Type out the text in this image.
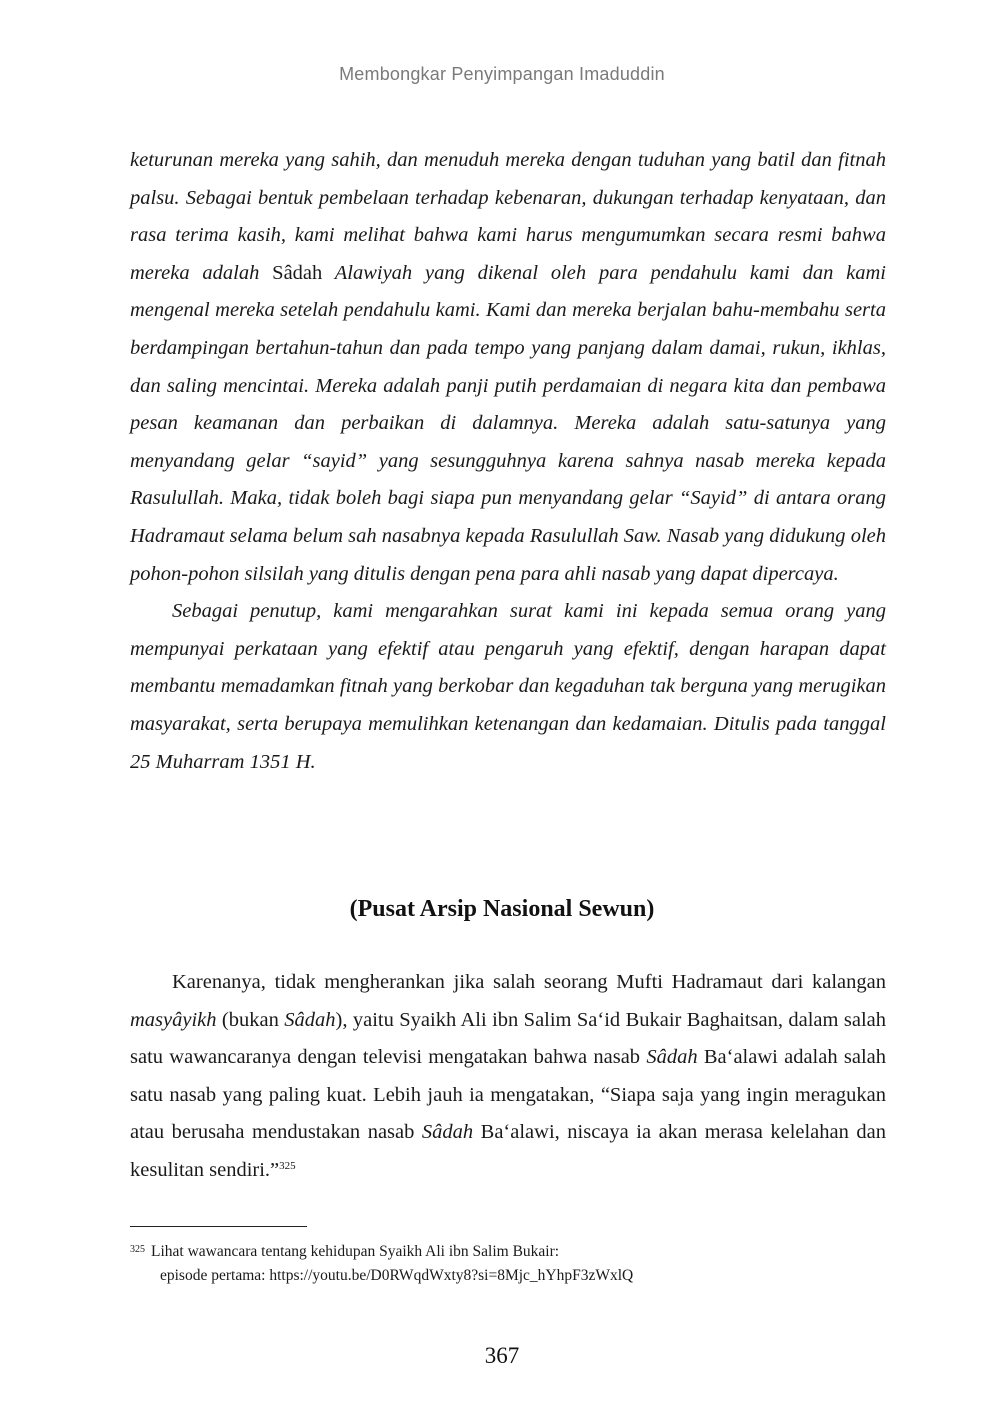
Membongkar Penyimpangan Imaduddin

keturunan mereka yang sahih, dan menuduh mereka dengan tuduhan yang batil dan fitnah palsu. Sebagai bentuk pembelaan terhadap kebenaran, dukungan terhadap kenyataan, dan rasa terima kasih, kami melihat bahwa kami harus mengumumkan secara resmi bahwa mereka adalah Sâdah Alawiyah yang dikenal oleh para pendahulu kami dan kami mengenal mereka setelah pendahulu kami. Kami dan mereka berjalan bahu-membahu serta berdampingan bertahun-tahun dan pada tempo yang panjang dalam damai, rukun, ikhlas, dan saling mencintai. Mereka adalah panji putih perdamaian di negara kita dan pembawa pesan keamanan dan perbaikan di dalamnya. Mereka adalah satu-satunya yang menyandang gelar “sayid” yang sesungguhnya karena sahnya nasab mereka kepada Rasulullah. Maka, tidak boleh bagi siapa pun menyandang gelar “Sayid” di antara orang Hadramaut selama belum sah nasabnya kepada Rasulullah Saw. Nasab yang didukung oleh pohon-pohon silsilah yang ditulis dengan pena para ahli nasab yang dapat dipercaya.

Sebagai penutup, kami mengarahkan surat kami ini kepada semua orang yang mempunyai perkataan yang efektif atau pengaruh yang efektif, dengan harapan dapat membantu memadamkan fitnah yang berkobar dan kegaduhan tak berguna yang merugikan masyarakat, serta berupaya memulihkan ketenangan dan kedamaian. Ditulis pada tanggal 25 Muharram 1351 H.

(Pusat Arsip Nasional Sewun)

Karenanya, tidak mengherankan jika salah seorang Mufti Hadramaut dari kalangan masyâyikh (bukan Sâdah), yaitu Syaikh Ali ibn Salim Sa‘id Bukair Baghaitsan, dalam salah satu wawancaranya dengan televisi mengatakan bahwa nasab Sâdah Ba‘alawi adalah salah satu nasab yang paling kuat. Lebih jauh ia mengatakan, “Siapa saja yang ingin meragukan atau berusaha mendustakan nasab Sâdah Ba‘alawi, niscaya ia akan merasa kelelahan dan kesulitan sendiri.”$^{325}$

$^{325}$ Lihat wawancara tentang kehidupan Syaikh Ali ibn Salim Bukair:
episode pertama: https://youtu.be/D0RWqdWxty8?si=8Mjc_hYhpF3zWxlQ
367
